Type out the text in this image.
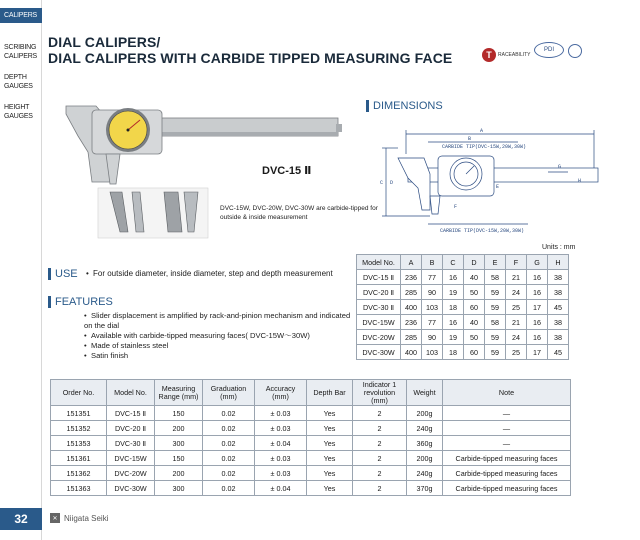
CALIPERS
SCRIBING CALIPERS
DEPTH GAUGES
HEIGHT GAUGES
DIAL CALIPERS/
DIAL CALIPERS WITH CARBIDE TIPPED MEASURING FACE	T	RACEABILITY
PDI
DVC-15 Ⅱ
DVC-15W, DVC-20W, DVC-30W are carbide-tipped for outside & inside measurement
DIMENSIONS
A
B
C D
E
F
G
H
CARBIDE TIP(DVC-15W,20W,30W)
CARBIDE TIP(DVC-15W,20W,30W)
Units : mm
Model No.	A	B	C	D	E	F	G	H
DVC-15 Ⅱ	236	77	16	40	58	21	16	38
DVC-20 Ⅱ	285	90	19	50	59	24	16	38
DVC-30 Ⅱ	400	103	18	60	59	25	17	45
DVC-15W	236	77	16	40	58	21	16	38
DVC-20W	285	90	19	50	59	24	16	38
DVC-30W	400	103	18	60	59	25	17	45
USE • For outside diameter, inside diameter, step and depth measurement
FEATURES
• Slider displacement is amplified by rack-and-pinion mechanism and indicated on the dial
• Available with carbide-tipped measuring faces( DVC-15W～30W)
• Made of stainless steel
• Satin finish
Order No.	Model No.	Measuring Range (mm)	Graduation (mm)	Accuracy (mm)	Depth Bar	Indicator 1 revolution (mm)	Weight	Note
151351	DVC-15 Ⅱ	150	0.02	± 0.03	Yes	2	200g	—
151352	DVC-20 Ⅱ	200	0.02	± 0.03	Yes	2	240g	—
151353	DVC-30 Ⅱ	300	0.02	± 0.04	Yes	2	360g	—
151361	DVC-15W	150	0.02	± 0.03	Yes	2	200g	Carbide-tipped measuring faces
151362	DVC-20W	200	0.02	± 0.03	Yes	2	240g	Carbide-tipped measuring faces
151363	DVC-30W	300	0.02	± 0.04	Yes	2	370g	Carbide-tipped measuring faces
32	✕ Niigata Seiki
